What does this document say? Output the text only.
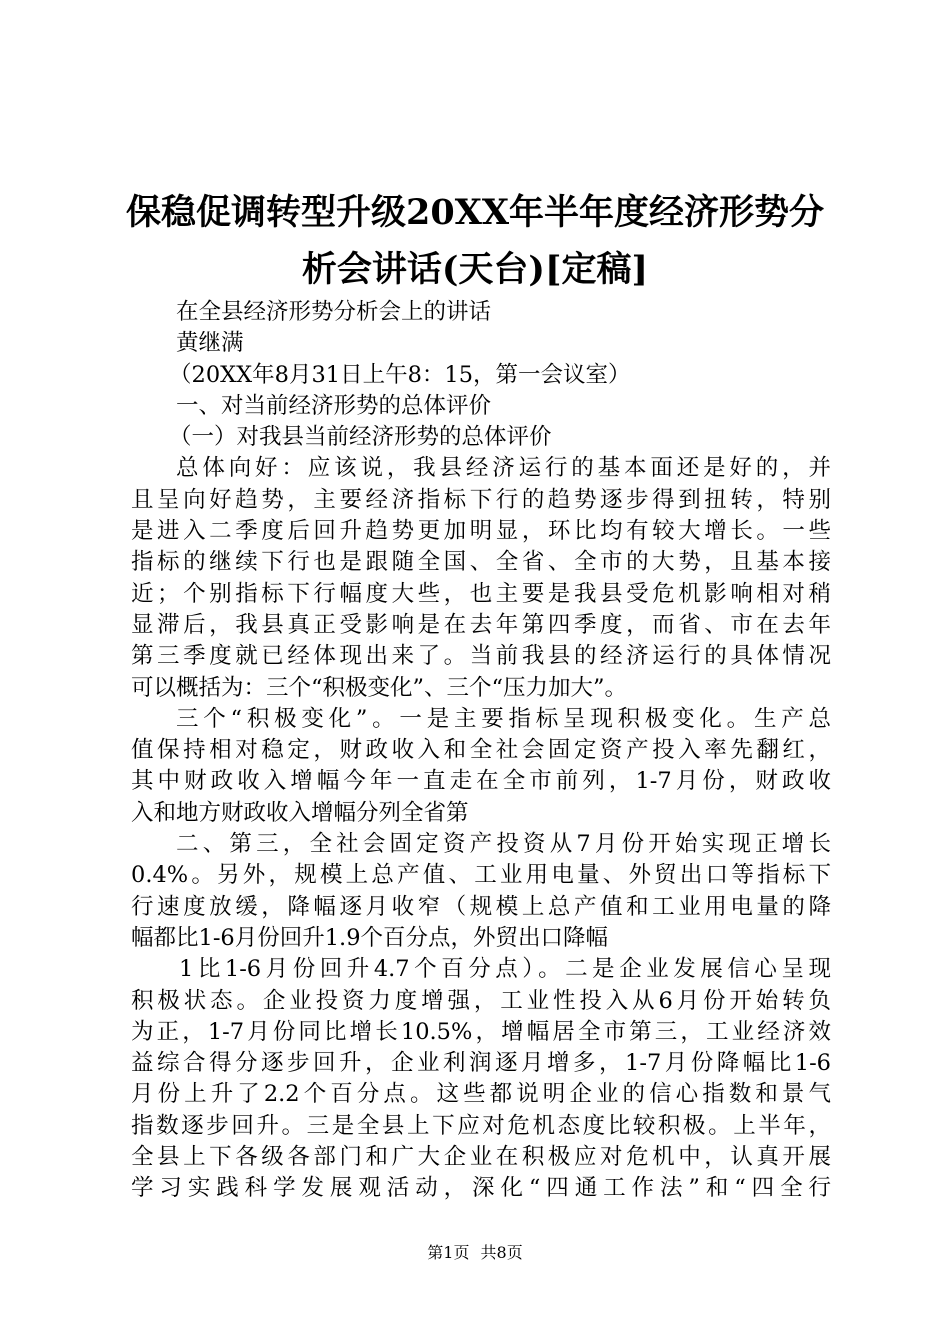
保稳促调转型升级20XX年半年度经济形势分
析会讲话(天台)[定稿]
在全县经济形势分析会上的讲话
黄继满
（20XX年8月31日上午8：15，第一会议室）
一、对当前经济形势的总体评价
（一）对我县当前经济形势的总体评价
总体向好：应该说，我县经济运行的基本面还是好的，并
且呈向好趋势，主要经济指标下行的趋势逐步得到扭转，特别
是进入二季度后回升趋势更加明显，环比均有较大增长。一些
指标的继续下行也是跟随全国、全省、全市的大势，且基本接
近；个别指标下行幅度大些，也主要是我县受危机影响相对稍
显滞后，我县真正受影响是在去年第四季度，而省、市在去年
第三季度就已经体现出来了。当前我县的经济运行的具体情况
可以概括为：三个“积极变化”、三个“压力加大”。
三个“积极变化”。一是主要指标呈现积极变化。生产总
值保持相对稳定，财政收入和全社会固定资产投入率先翻红，
其中财政收入增幅今年一直走在全市前列，1-7月份，财政收
入和地方财政收入增幅分列全省第
二、第三，全社会固定资产投资从7月份开始实现正增长
0.4%。另外，规模上总产值、工业用电量、外贸出口等指标下
行速度放缓，降幅逐月收窄（规模上总产值和工业用电量的降
幅都比1-6月份回升1.9个百分点，外贸出口降幅
1比1-6月份回升4.7个百分点）。二是企业发展信心呈现
积极状态。企业投资力度增强，工业性投入从6月份开始转负
为正，1-7月份同比增长10.5%，增幅居全市第三，工业经济效
益综合得分逐步回升，企业利润逐月增多，1-7月份降幅比1-6
月份上升了2.2个百分点。这些都说明企业的信心指数和景气
指数逐步回升。三是全县上下应对危机态度比较积极。上半年，
全县上下各级各部门和广大企业在积极应对危机中，认真开展
学习实践科学发展观活动，深化“四通工作法”和“四全行
第1页 共8页
